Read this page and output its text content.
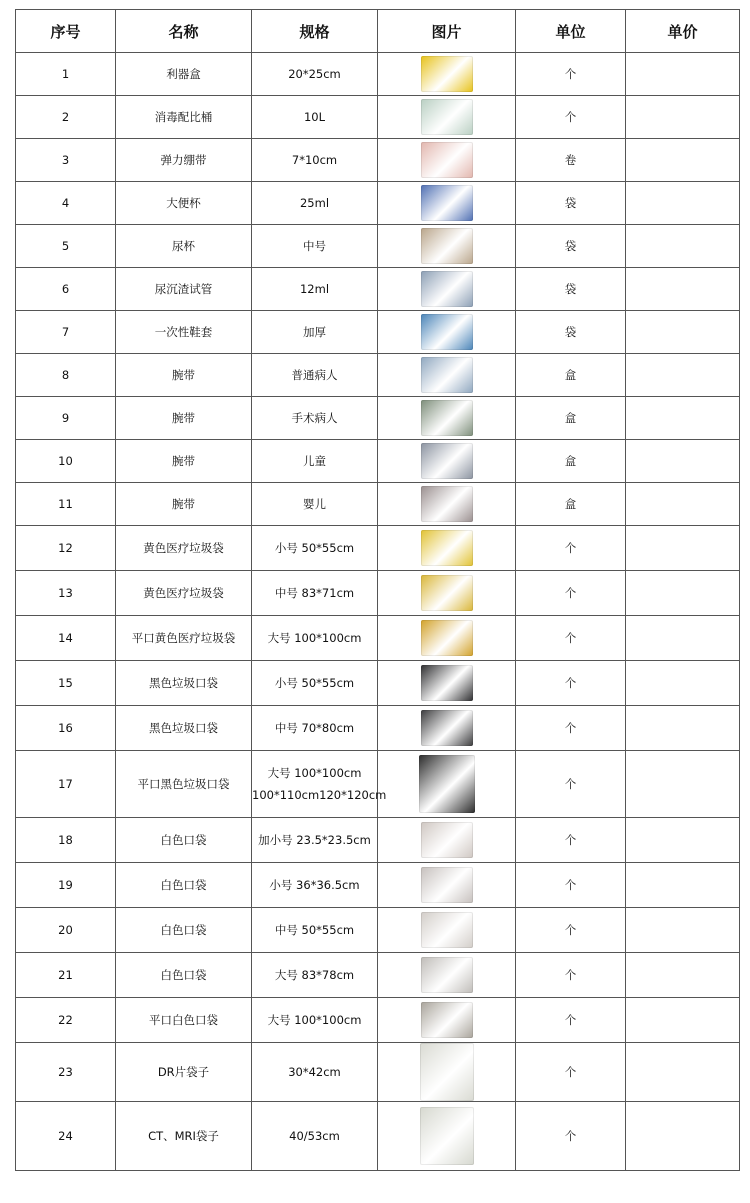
序号	名称	规格	图片	单位	单价
1	利器盒	20*25cm		个	
2	消毒配比桶	10L		个	
3	弹力绷带	7*10cm		卷	
4	大便杯	25ml		袋	
5	尿杯	中号		袋	
6	尿沉渣试管	12ml		袋	
7	一次性鞋套	加厚		袋	
8	腕带	普通病人		盒	
9	腕带	手术病人		盒	
10	腕带	儿童		盒	
11	腕带	婴儿		盒	
12	黄色医疗垃圾袋	小号 50*55cm		个	
13	黄色医疗垃圾袋	中号 83*71cm		个	
14	平口黄色医疗垃圾袋	大号 100*100cm		个	
15	黑色垃圾口袋	小号 50*55cm		个	
16	黑色垃圾口袋	中号 70*80cm		个	
17	平口黑色垃圾口袋	大号 100*100cm
100*110cm120*120cm		个	
18	白色口袋	加小号 23.5*23.5cm		个	
19	白色口袋	小号 36*36.5cm		个	
20	白色口袋	中号 50*55cm		个	
21	白色口袋	大号 83*78cm		个	
22	平口白色口袋	大号 100*100cm		个	
23	DR片袋子	30*42cm		个	
24	CT、MRI袋子	40/53cm		个	
